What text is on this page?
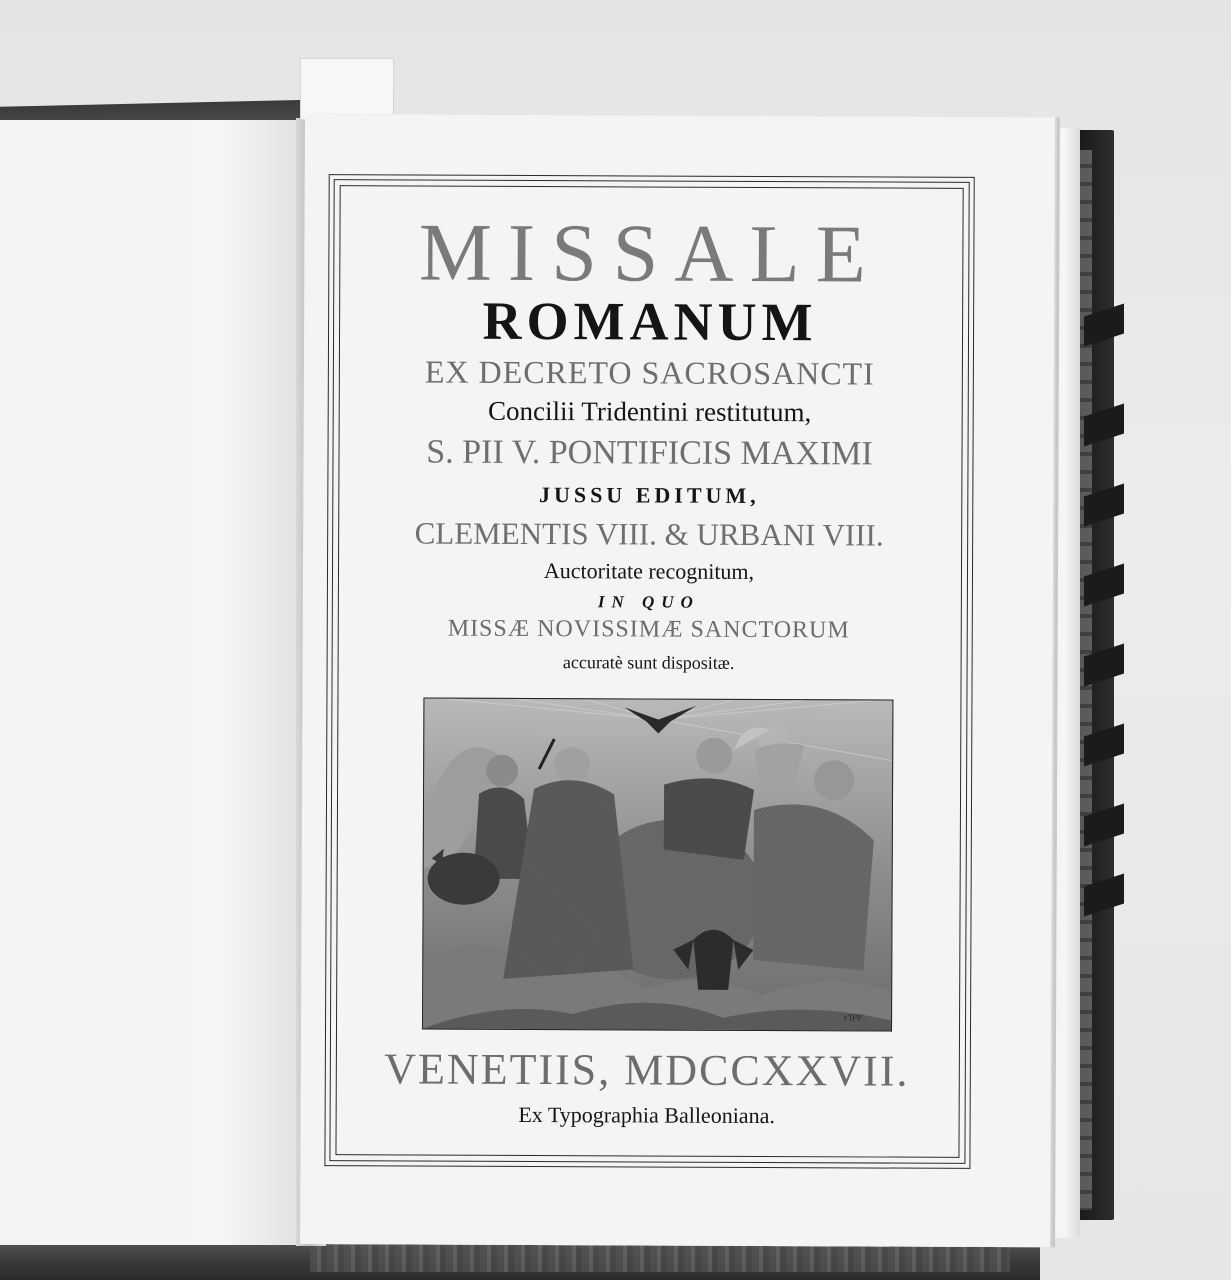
MISSALE
ROMANUM
EX DECRETO SACROSANCTI
Concilii Tridentini restitutum,
S. PII V. PONTIFICIS MAXIMI
JUSSU EDITUM,
CLEMENTIS VIII. & URBANI VIII.
Auctoritate recognitum,
IN QUO
MISSÆ NOVISSIMÆ SANCTORUM
accuratè sunt dispositæ.
s'IPF
VENETIIS, MDCCXXVII.
Ex Typographia Balleoniana.
